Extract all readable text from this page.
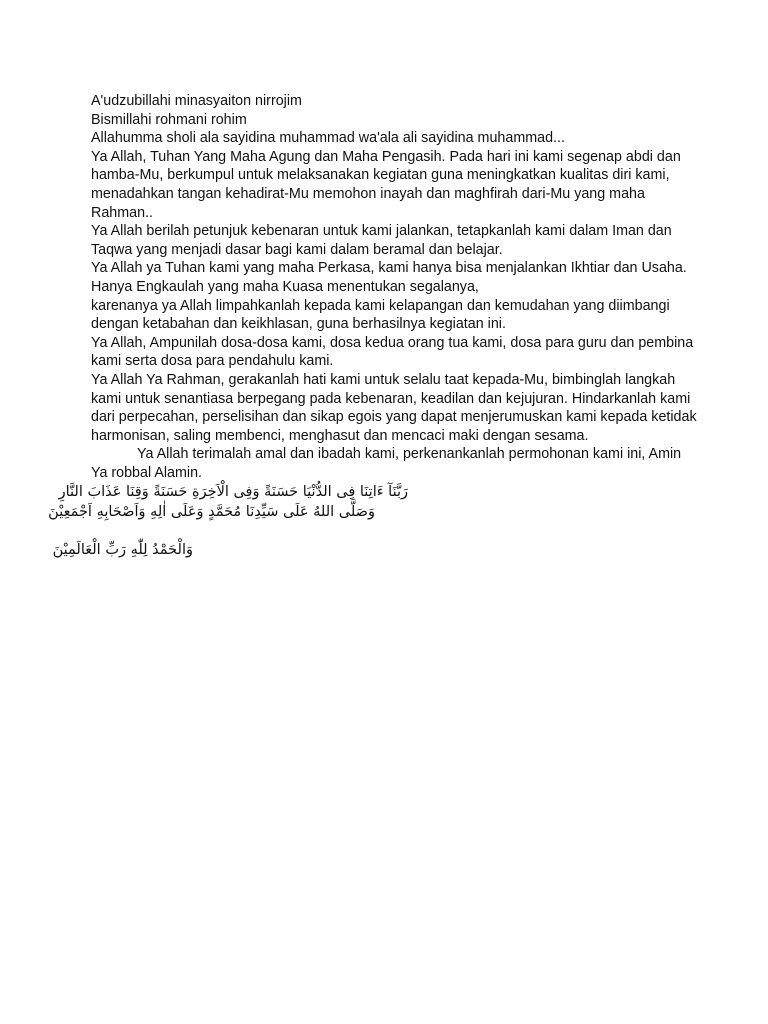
A'udzubillahi minasyaiton nirrojim
Bismillahi rohmani rohim
Allahumma sholi ala sayidina muhammad wa'ala ali sayidina muhammad...
Ya Allah, Tuhan Yang Maha Agung dan Maha Pengasih. Pada hari ini kami segenap abdi dan
hamba-Mu, berkumpul untuk melaksanakan kegiatan guna meningkatkan kualitas diri kami,
menadahkan tangan kehadirat-Mu memohon inayah dan maghfirah dari-Mu yang maha
Rahman..
Ya Allah berilah petunjuk kebenaran untuk kami jalankan, tetapkanlah kami dalam Iman dan
Taqwa yang menjadi dasar bagi kami dalam beramal dan belajar.
Ya Allah ya Tuhan kami yang maha Perkasa, kami hanya bisa menjalankan Ikhtiar dan Usaha.
Hanya Engkaulah yang maha Kuasa menentukan segalanya,
karenanya ya Allah limpahkanlah kepada kami kelapangan dan kemudahan yang diimbangi
dengan ketabahan dan keikhlasan, guna berhasilnya kegiatan ini.
Ya Allah, Ampunilah dosa-dosa kami, dosa kedua orang tua kami, dosa para guru dan pembina
kami serta dosa para pendahulu kami.
Ya Allah Ya Rahman, gerakanlah hati kami untuk selalu taat kepada-Mu, bimbinglah langkah
kami untuk senantiasa berpegang pada kebenaran, keadilan dan kejujuran. Hindarkanlah kami
dari perpecahan, perselisihan dan sikap egois yang dapat menjerumuskan kami kepada ketidak
harmonisan, saling membenci, menghasut dan mencaci maki dengan sesama.
Ya Allah terimalah amal dan ibadah kami, perkenankanlah permohonan kami ini, Amin
Ya robbal Alamin.
رَبَّنَآ ءَاتِنَا فِى الدُّنْيَا حَسَنَةً وَفِى الْاَخِرَةِ حَسَنَةً وَقِنَا عَذَابَ النَّارِ
وَصَلَّى اللهُ عَلَى سَيِّدِنَا مُحَمَّدٍ وَعَلَى اٰلِهِ وَاَصْحَابِهِ اَجْمَعِيْنَ
وَالْحَمْدُ لِلّٰهِ رَبِّ الْعَالَمِيْنَ
